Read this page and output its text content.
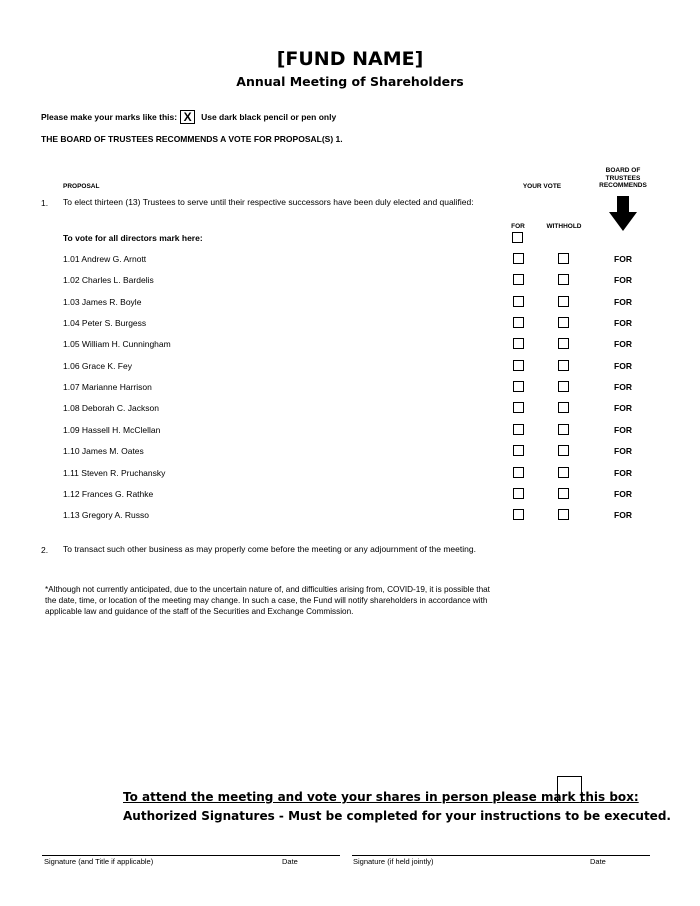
[FUND NAME]
Annual Meeting of Shareholders
Please make your marks like this: X	Use dark black pencil or pen only
THE BOARD OF TRUSTEES RECOMMENDS A VOTE FOR PROPOSAL(S) 1.
PROPOSAL	YOUR VOTE
BOARD OF
TRUSTEES
RECOMMENDS
1. To elect thirteen (13) Trustees to serve until their respective successors have been duly elected and qualified:
FOR	WITHHOLD
To vote for all directors mark here:
1.01 Andrew G. Arnott	FOR
1.02 Charles L. Bardelis	FOR
1.03 James R. Boyle	FOR
1.04 Peter S. Burgess	FOR
1.05 William H. Cunningham	FOR
1.06 Grace K. Fey	FOR
1.07 Marianne Harrison	FOR
1.08 Deborah C. Jackson	FOR
1.09 Hassell H. McClellan	FOR
1.10 James M. Oates	FOR
1.11 Steven R. Pruchansky	FOR
1.12 Frances G. Rathke	FOR
1.13 Gregory A. Russo	FOR
2. To transact such other business as may properly come before the meeting or any adjournment of the meeting.
*Although not currently anticipated, due to the uncertain nature of, and difficulties arising from, COVID-19, it is possible that the date, time, or location of the meeting may change. In such a case, the Fund will notify shareholders in accordance with applicable law and guidance of the staff of the Securities and Exchange Commission.
To attend the meeting and vote your shares in person please mark this box:
Authorized Signatures - Must be completed for your instructions to be executed.
Signature (and Title if applicable)	Date	Signature (if held jointly)	Date
